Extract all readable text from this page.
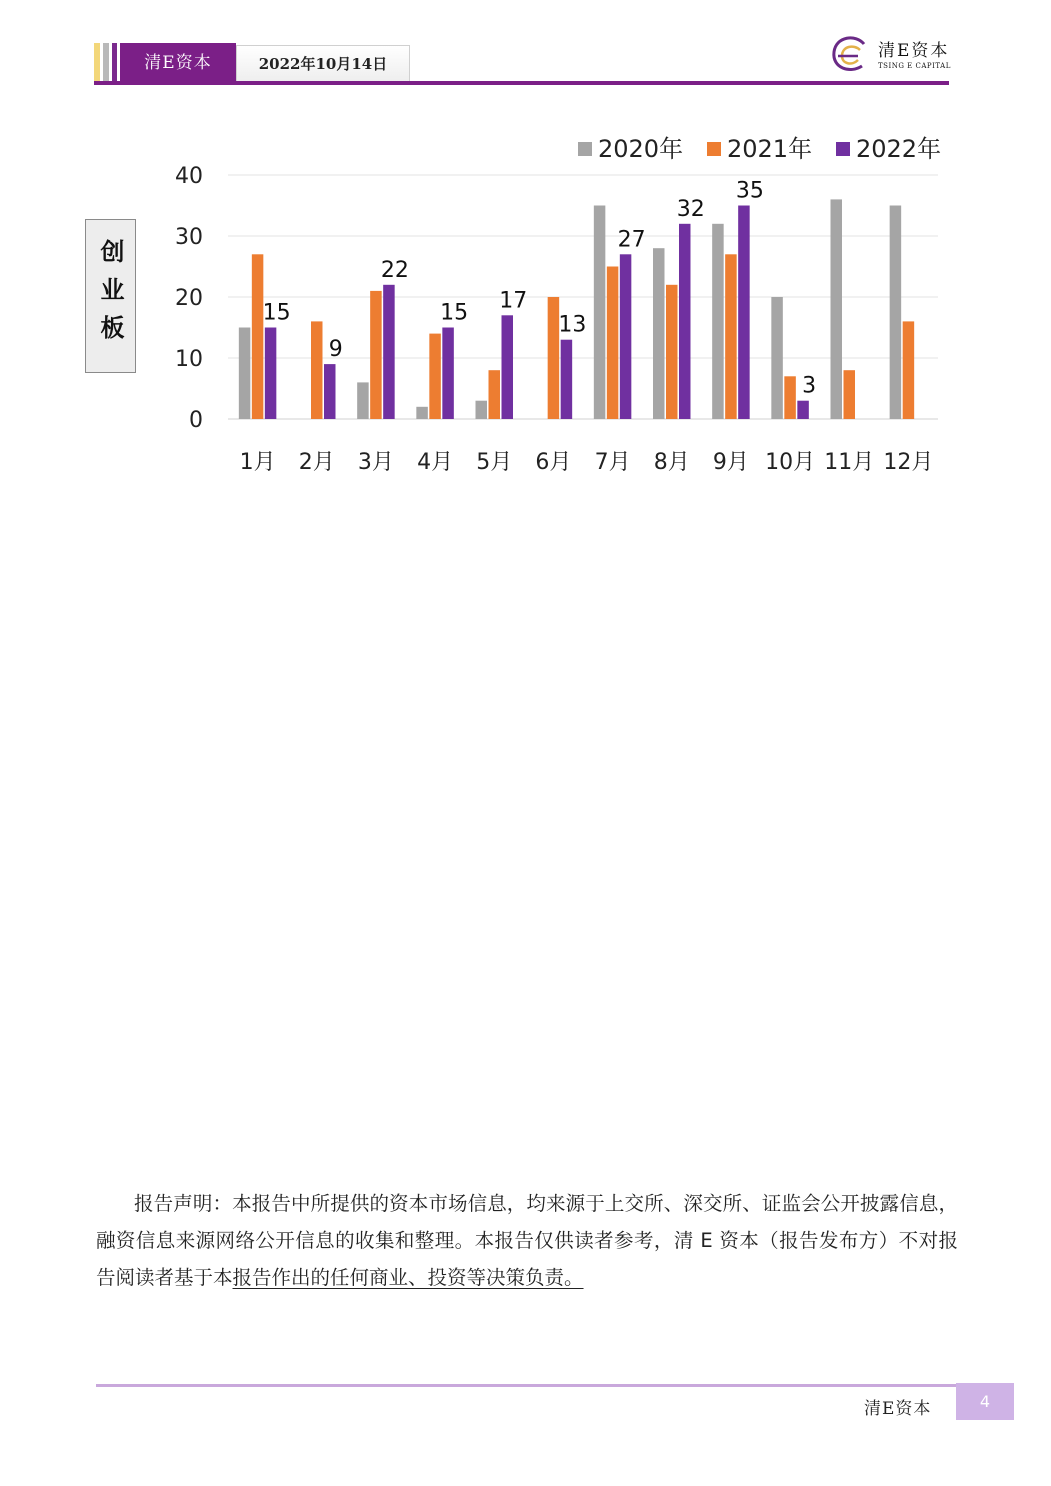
清E资本	2022年10月14日
清E资本
TSING E CAPITAL
创业板
0
10
20
30
40
1月 2月 3月 4月 5月 6月 7月 8月 9月 10月 11月 12月
15
9
22
15 17
13
27
32
35
3
2020年 2021年 2022年
报告声明：本报告中所提供的资本市场信息，均来源于上交所、深交所、证监会公开披露信息，融资信息来源网络公开信息的收集和整理。本报告仅供读者参考，清 E 资本（报告发布方）不对报告阅读者基于本报告作出的任何商业、投资等决策负责。
清E资本	4
